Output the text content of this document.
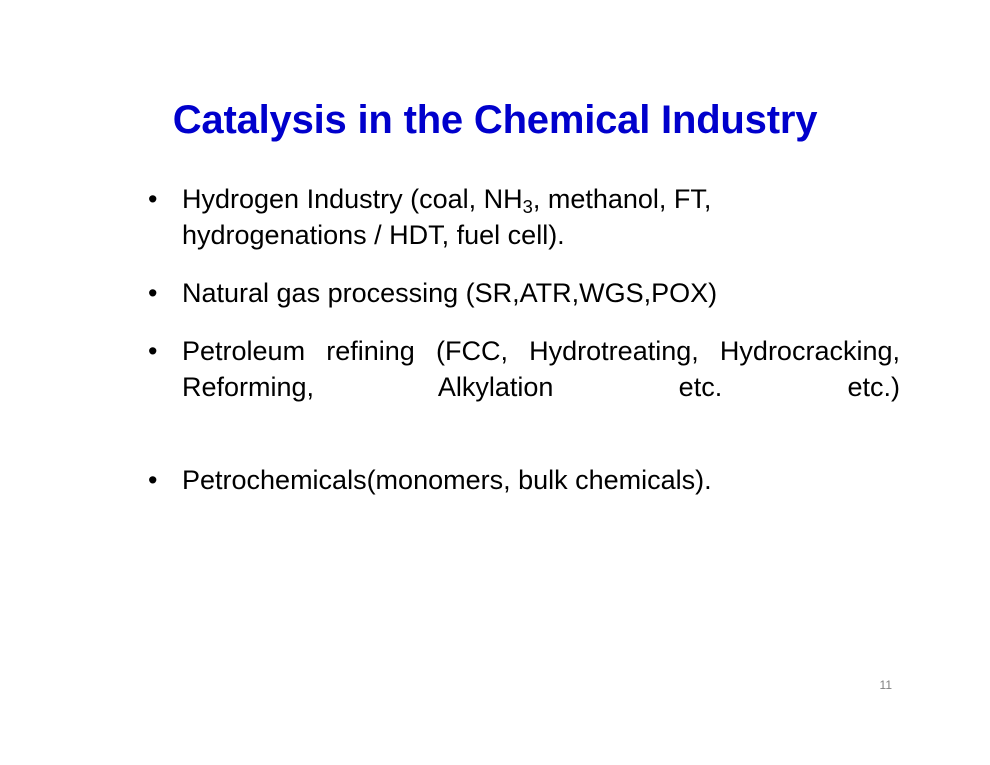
Catalysis in the Chemical Industry
• Hydrogen Industry (coal, $NH_3$, methanol, FT, hydrogenations / HDT, fuel cell).
• Natural gas processing (SR,ATR,WGS,POX)
• Petroleum refining (FCC, Hydrotreating, Hydrocracking, Reforming, Alkylation etc. etc.)
• Petrochemicals(monomers, bulk chemicals).
11
